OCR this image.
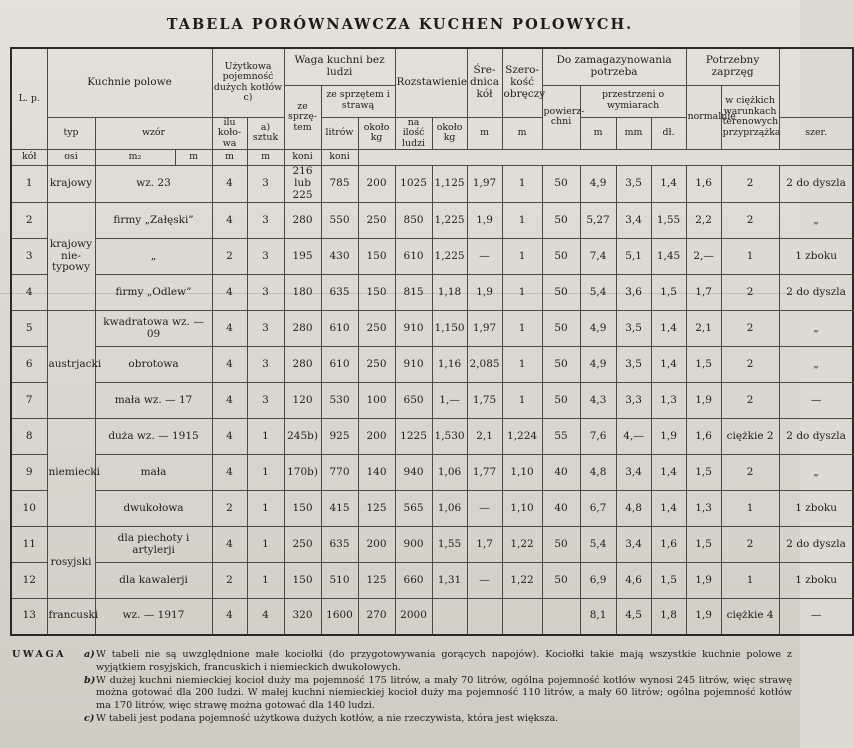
TABELA PORÓWNAWCZA KUCHEN POLOWYCH.
L. p.	Kuchnie polowe			Użytkowa pojemność dużych kotłów c)		Waga kuchni bez ludzi			Rozstawienie		Śre-dnica kół	Szero-kość obręczy	Do zamagazynowania potrzeba				Potrzebny zaprzęg			
						ze sprzę-tem	ze sprzętem i strawą						powierz-chni	przestrzeni o wymiarach			normalnie	w ciężkich warunkach terenowych przyprzążka		
	typ	wzór		ilu koło-wa	a) sztuk		litrów	około kg	na ilość ludzi	około kg	m	m		m	mm	dł.			szer.	
kół	osi	m₂	m	m	m	koni	koni													
1	krajowy	wz. 23		4	3	216 lub 225	785	200	1025	1,125	1,97	1	50	4,9	3,5	1,4	1,6	2	2 do dyszla	
2	krajowy nie-typowy	firmy „Załęski”		4	3	280	550	250	850	1,225	1,9	1	50	5,27	3,4	1,55	2,2	2	„	
3		„		2	3	195	430	150	610	1,225	—	1	50	7,4	5,1	1,45	2,—	1	1 zboku	
4		firmy „Odlew”		4	3	180	635	150	815	1,18	1,9	1	50	5,4	3,6	1,5	1,7	2	2 do dyszla	
5	austrjacki	kwadratowa wz. — 09		4	3	280	610	250	910	1,150	1,97	1	50	4,9	3,5	1,4	2,1	2	„	
6		obrotowa		4	3	280	610	250	910	1,16	2,085	1	50	4,9	3,5	1,4	1,5	2	„	
7		mała wz. — 17		4	3	120	530	100	650	1,—	1,75	1	50	4,3	3,3	1,3	1,9	2	—	
8	niemiecki	duża wz. — 1915		4	1	245b)	925	200	1225	1,530	2,1	1,224	55	7,6	4,—	1,9	1,6	ciężkie 2	2 do dyszla	
9		mała		4	1	170b)	770	140	940	1,06	1,77	1,10	40	4,8	3,4	1,4	1,5	2	„	
10		dwukołowa		2	1	150	415	125	565	1,06	—	1,10	40	6,7	4,8	1,4	1,3	1	1 zboku	
11	rosyjski	dla piechoty i artylerji		4	1	250	635	200	900	1,55	1,7	1,22	50	5,4	3,4	1,6	1,5	2	2 do dyszla	
12		dla kawalerji		2	1	150	510	125	660	1,31	—	1,22	50	6,9	4,6	1,5	1,9	1	1 zboku	
13	francuski	wz. — 1917		4	4	320	1600	270	2000					8,1	4,5	1,8	1,9	ciężkie 4	—	
UWAGA	a) W tabeli nie są uwzględnione małe kociołki (do przygotowywania gorących napojów). Kociołki takie mają wszystkie kuchnie polowe z wyjątkiem rosyjskich, francuskich i niemieckich dwukołowych.
b) W dużej kuchni niemieckiej kocioł duży ma pojemność 175 litrów, a mały 70 litrów, ogólna pojemność kotłów wynosi 245 litrów, więc strawę można gotować dla 200 ludzi. W małej kuchni niemieckiej kocioł duży ma pojemność 110 litrów, a mały 60 litrów; ogólna pojemność kotłów ma 170 litrów, więc strawę można gotować dla 140 ludzi.
c) W tabeli jest podana pojemność użytkowa dużych kotłów, a nie rzeczywista, która jest większa.
